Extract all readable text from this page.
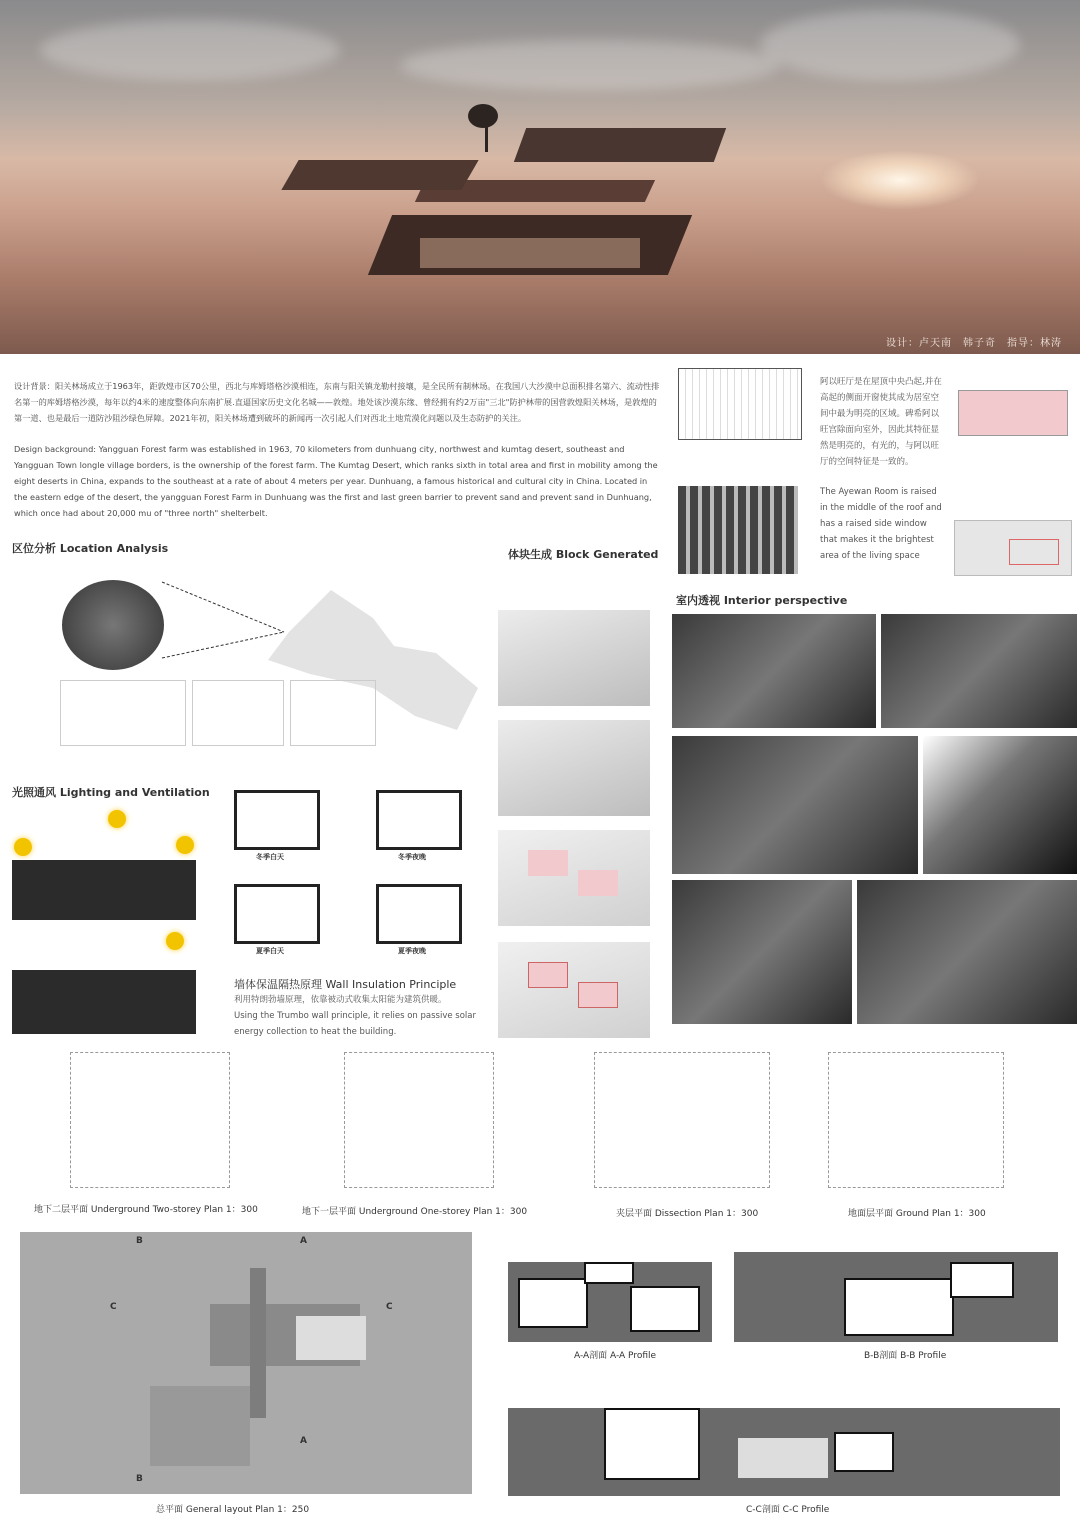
设计：卢天南　韩子奇　指导：林涛
设计背景：阳关林场成立于1963年，距敦煌市区70公里，西北与库姆塔格沙漠相连，东南与阳关镇龙勒村接壤，是全民所有制林场。在我国八大沙漠中总面积排名第六、流动性排名第一的库姆塔格沙漠，每年以约4米的速度整体向东南扩展.直逼国家历史文化名城——敦煌。地处该沙漠东缘、曾经拥有约2万亩"三北"防护林带的国营敦煌阳关林场，是敦煌的第一道、也是最后一道防沙阻沙绿色屏障。2021年初，阳关林场遭到破坏的新闻再一次引起人们对西北土地荒漠化问题以及生态防护的关注。
Design background: Yangguan Forest farm was established in 1963, 70 kilometers from dunhuang city, northwest and kumtag desert, southeast and Yangguan Town longle village borders, is the ownership of the forest farm. The Kumtag Desert, which ranks sixth in total area and first in mobility among the eight deserts in China, expands to the southeast at a rate of about 4 meters per year. Dunhuang, a famous historical and cultural city in China. Located in the eastern edge of the desert, the yangguan Forest Farm in Dunhuang was the first and last green barrier to prevent sand and prevent sand in Dunhuang, which once had about 20,000 mu of "three north" shelterbelt.
阿以旺厅是在屋顶中央凸起,并在高起的侧面开窗使其成为居室空间中最为明亮的区域。碑希阿以旺宫除面向室外，因此其特征显然是明亮的，有光的，与阿以旺厅的空间特征是一致的。
The Ayewan Room is raised in the middle of the roof and has a raised side window that makes it the brightest area of the living space
区位分析 Location Analysis	体块生成 Block Generated
室内透视 Interior perspective
光照通风 Lighting and Ventilation
冬季白天	冬季夜晚
夏季白天	夏季夜晚
墙体保温隔热原理 Wall Insulation Principle
利用特朗勃墙原理，依靠被动式收集太阳能为建筑供暖。
Using the Trumbo wall principle, it relies on passive solar energy collection to heat the building.
地下二层平面 Underground Two-storey Plan 1：300	地下一层平面 Underground One-storey Plan 1：300	夹层平面 Dissection Plan 1：300	地面层平面 Ground Plan 1：300
B	A
C	C
A
B
总平面 General layout Plan 1：250
A-A剖面 A-A Profile	B-B剖面 B-B Profile
C-C剖面 C-C Profile
